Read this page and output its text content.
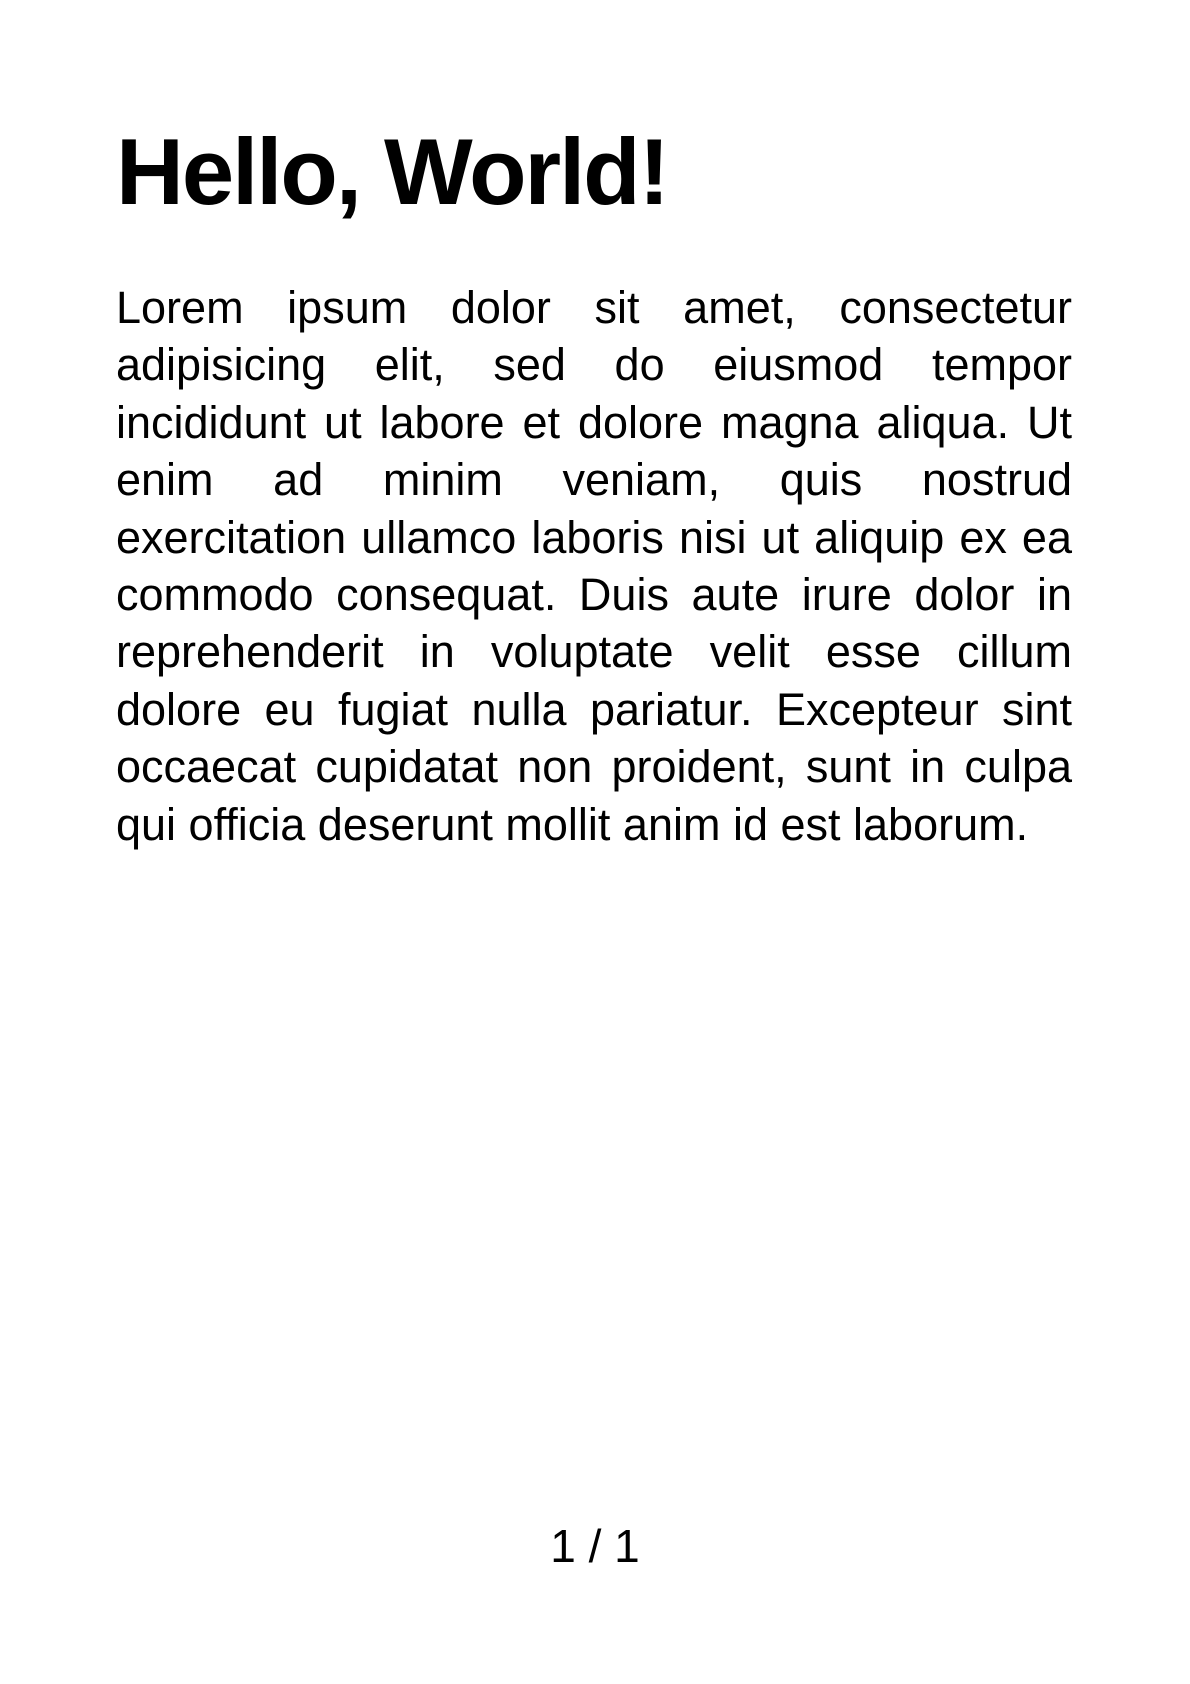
Hello, World!

Lorem ipsum dolor sit amet, consectetur adipisicing elit, sed do eiusmod tempor incididunt ut labore et dolore magna aliqua. Ut enim ad minim veniam, quis nostrud exercitation ullamco laboris nisi ut aliquip ex ea commodo consequat. Duis aute irure dolor in reprehenderit in voluptate velit esse cillum dolore eu fugiat nulla pariatur. Excepteur sint occaecat cupidatat non proident, sunt in culpa qui officia deserunt mollit anim id est laborum.

1 / 1
